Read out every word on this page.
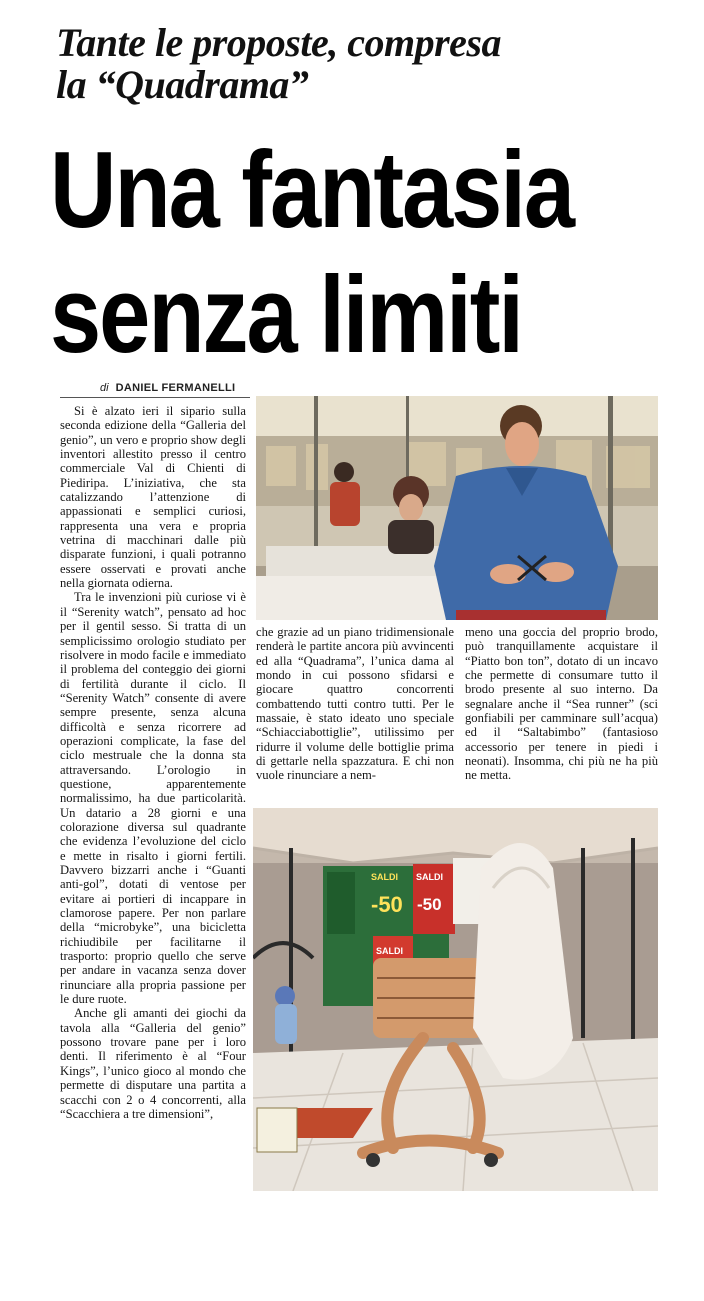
Tante le proposte, compresa
la “Quadrama”
Una fantasia
senza limiti
di DANIEL FERMANELLI

Si è alzato ieri il sipario sulla seconda edizione della “Galleria del genio”, un vero e proprio show degli inventori allestito presso il centro commerciale Val di Chienti di Piediripa. L’iniziativa, che sta catalizzando l’attenzione di appassionati e semplici curiosi, rappresenta una vera e propria vetrina di macchinari dalle più disparate funzioni, i quali potranno essere osservati e provati anche nella giornata odierna.

Tra le invenzioni più curiose vi è il “Serenity watch”, pensato ad hoc per il gentil sesso. Si tratta di un semplicissimo orologio studiato per risolvere in modo facile e immediato il problema del conteggio dei giorni di fertilità durante il ciclo. Il “Serenity Watch” consente di avere sempre presente, senza alcuna difficoltà e senza ricorrere ad operazioni complicate, la fase del ciclo mestruale che la donna sta attraversando. L’orologio in questione, apparentemente normalissimo, ha due particolarità. Un datario a 28 giorni e una colorazione diversa sul quadrante che evidenza l’evoluzione del ciclo e mette in risalto i giorni fertili. Davvero bizzarri anche i “Guanti anti-gol”, dotati di ventose per evitare ai portieri di incappare in clamorose papere. Per non parlare della “microbyke”, una bicicletta richiudibile per facilitarne il trasporto: proprio quello che serve per andare in vacanza senza dover rinunciare alla propria passione per le dure ruote.

Anche gli amanti dei giochi da tavola alla “Galleria del genio” possono trovare pane per i loro denti. Il riferimento è al “Four Kings”, l’unico gioco al mondo che permette di disputare una partita a scacchi con 2 o 4 concorrenti, alla “Scacchiera a tre dimensioni”,

che grazie ad un piano tridimensionale renderà le partite ancora più avvincenti ed alla “Quadrama”, l’unica dama al mondo in cui possono sfidarsi e giocare quattro concorrenti combattendo tutti contro tutti. Per le massaie, è stato ideato uno speciale “Schiacciabottiglie”, utilissimo per ridurre il volume delle bottiglie prima di gettarle nella spazzatura. E chi non vuole rinunciare a nem-

meno una goccia del proprio brodo, può tranquillamente acquistare il “Piatto bon ton”, dotato di un incavo che permette di consumare tutto il brodo presente al suo interno. Da segnalare anche il “Sea runner” (sci gonfiabili per camminare sull’acqua) ed il “Saltabimbo” (fantasioso accessorio per tenere in piedi i neonati). Insomma, chi più ne ha più ne metta.

SALDI
-50
SALDI
-50
SALDI
